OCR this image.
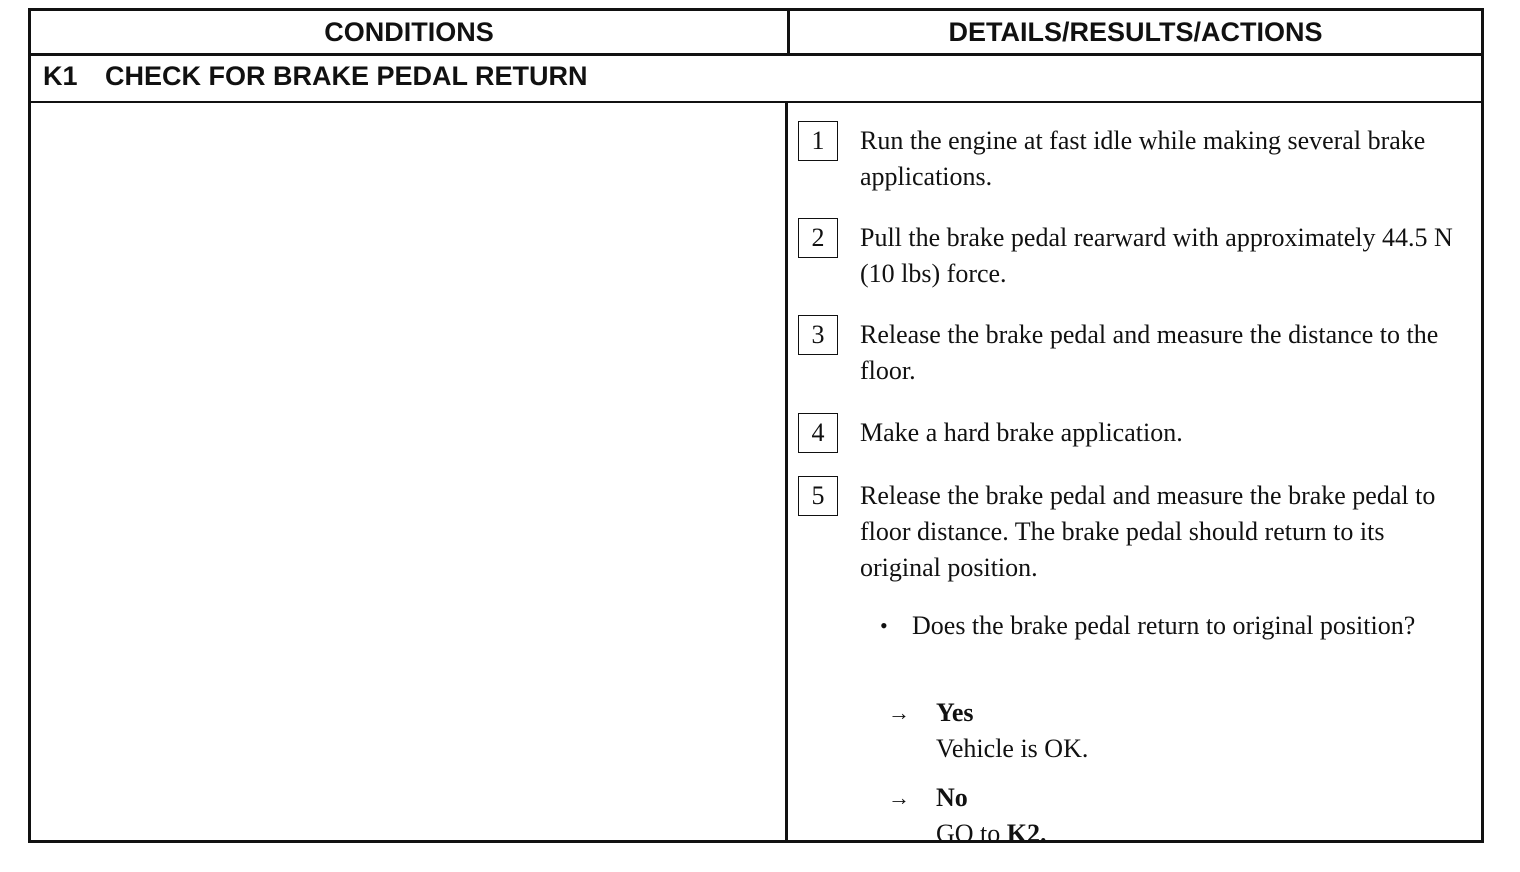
CONDITIONS	DETAILS/RESULTS/ACTIONS
K1 CHECK FOR BRAKE PEDAL RETURN
1	Run the engine at fast idle while making several brake applications.
2	Pull the brake pedal rearward with approximately 44.5 N (10 lbs) force.
3	Release the brake pedal and measure the distance to the floor.
4	Make a hard brake application.
5	Release the brake pedal and measure the brake pedal to floor distance. The brake pedal should return to its original position.
• Does the brake pedal return to original position?
→ Yes
Vehicle is OK.
→ No
GO to K2.
